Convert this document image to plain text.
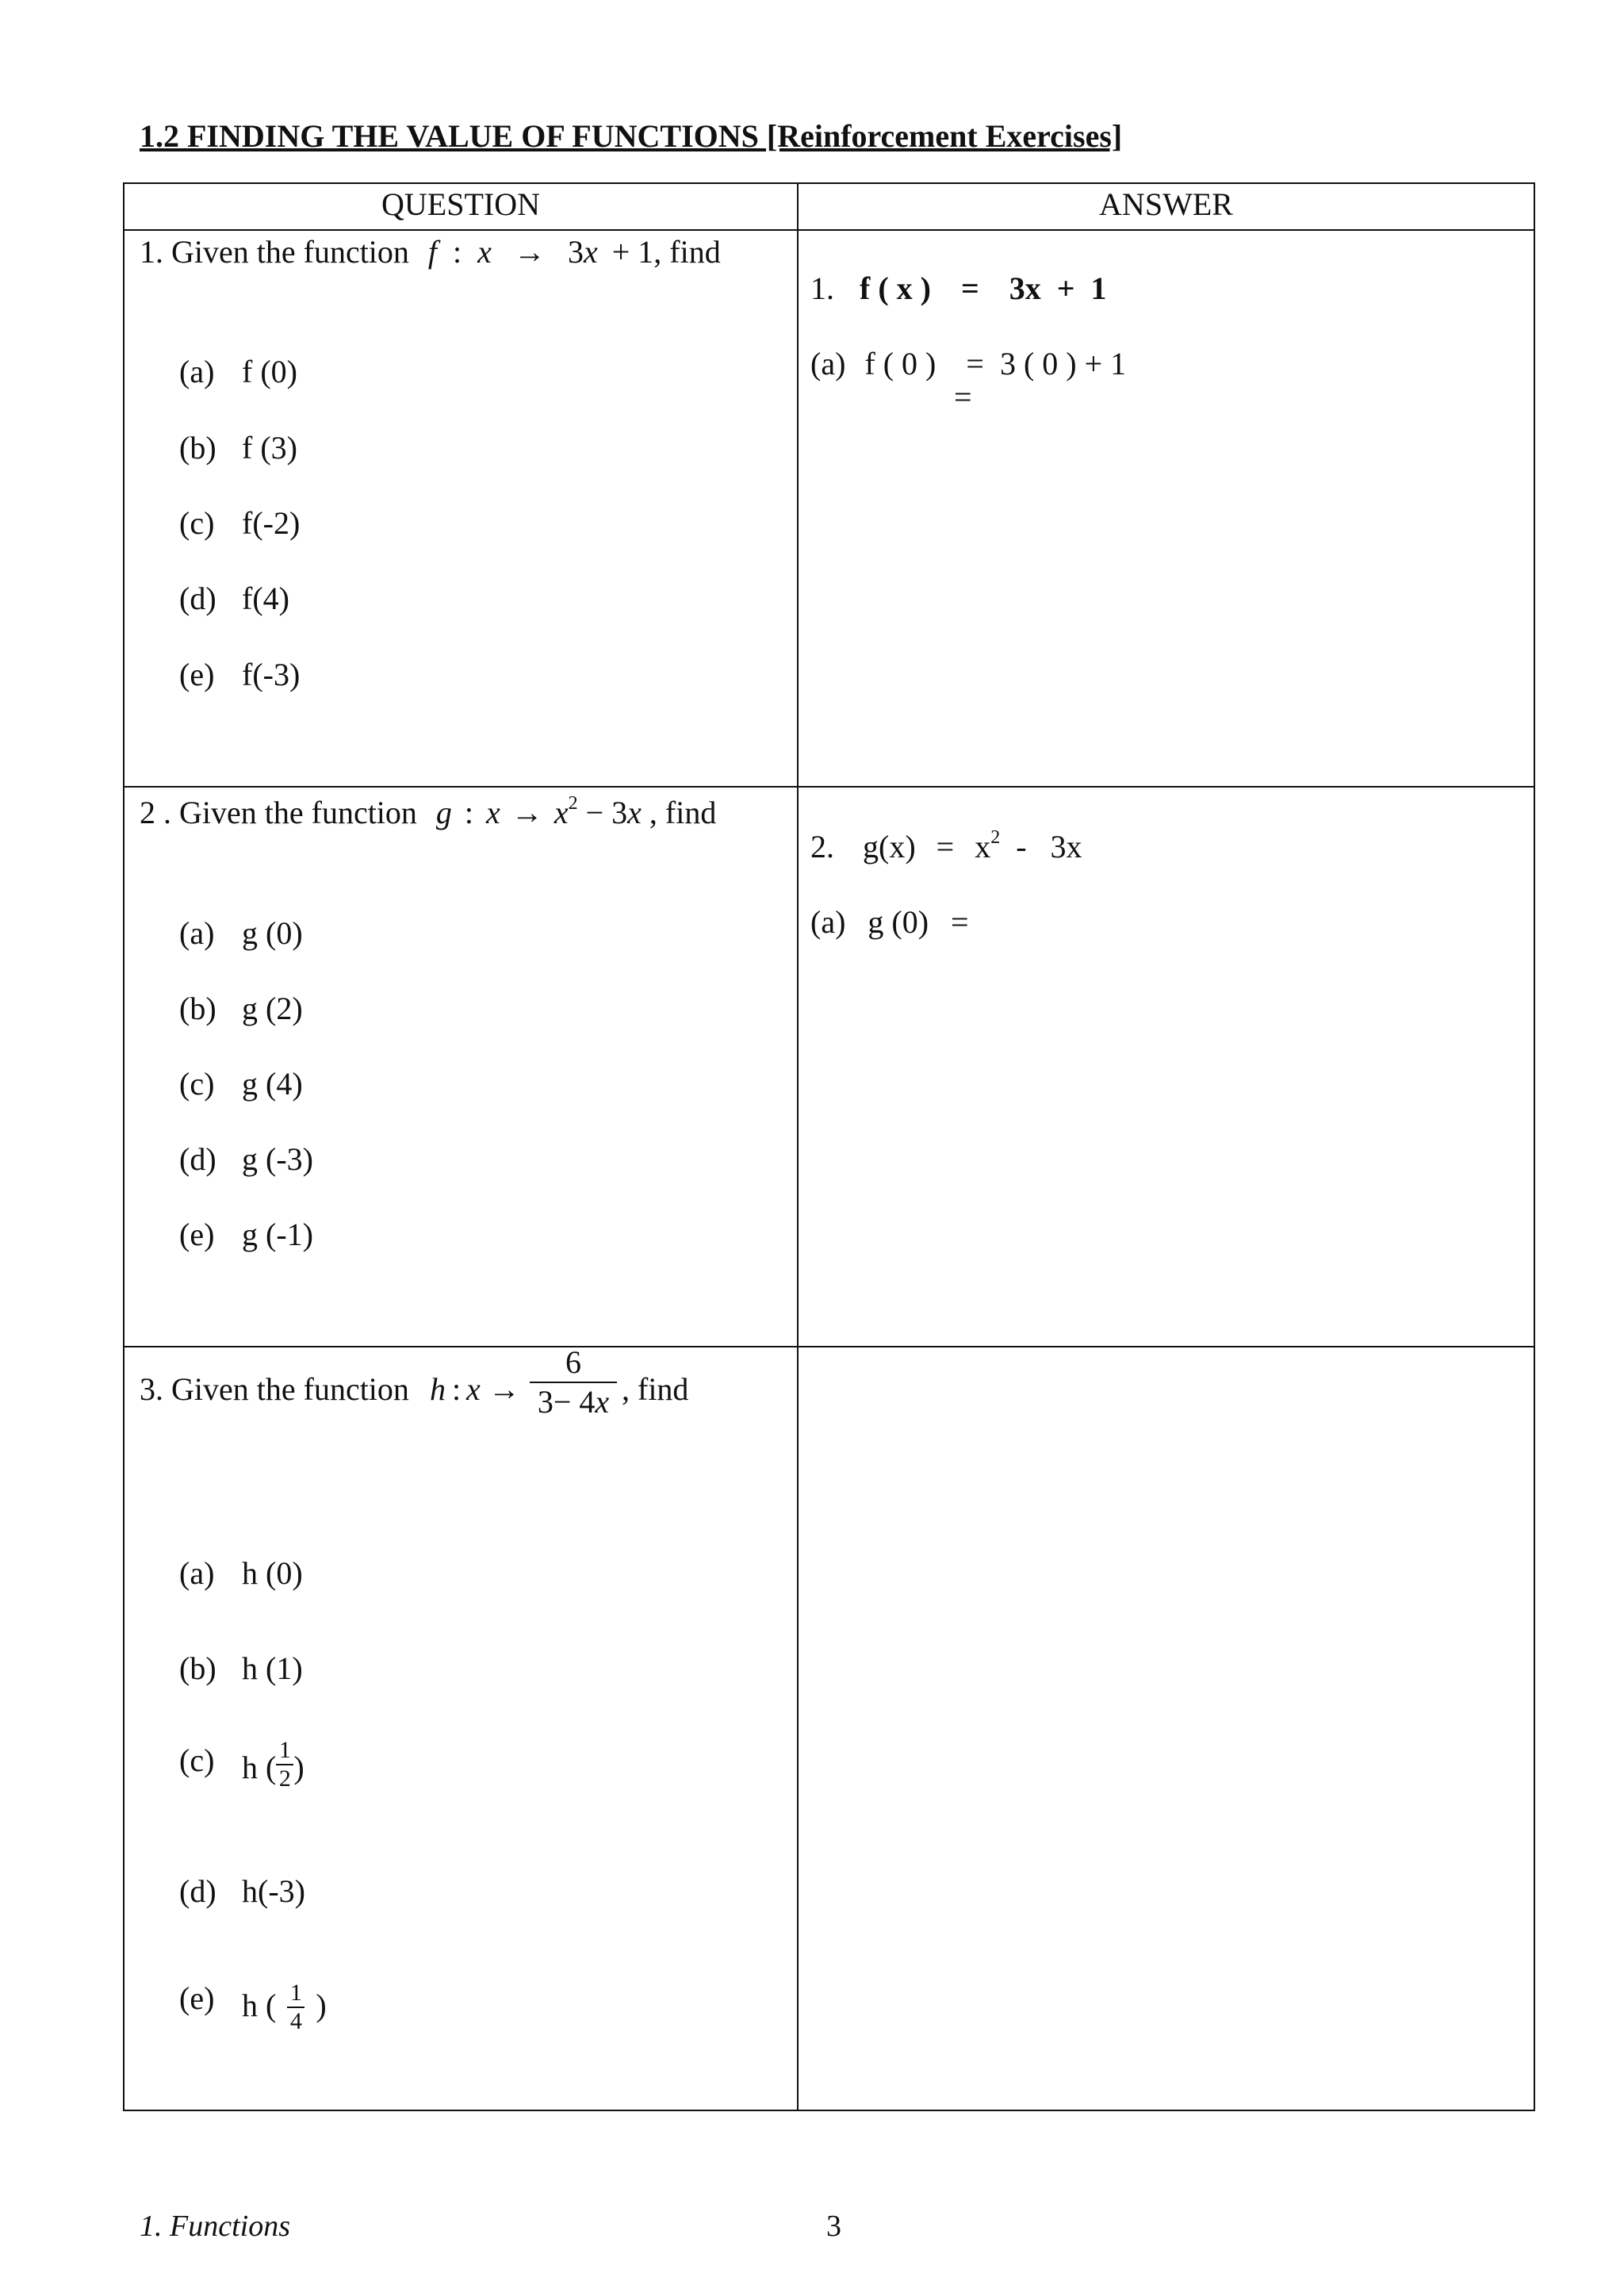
1.2 FINDING THE VALUE OF FUNCTIONS [Reinforcement Exercises]
QUESTION	ANSWER
1. Given the function f : x → 3x + 1, find
(a) f (0)
(b) f (3)
(c) f(-2)
(d) f(4)
(e) f(-3)
1. f ( x ) = 3x  +  1
(a) f ( 0 ) = 3 ( 0 ) + 1
=
2 . Given the function g : $x \to x^2 - 3x$ , find
(a) g (0)
(b) g (2)
(c) g (4)
(d) g (-3)
(e) g (-1)
2. $g(x) = x^2 - 3x$
(a) g (0) =
3. Given the function h : x →
6
3− 4x , find
(a) h (0)
(b) h (1)
(c) h ( $\frac{1}{2}$ )
(d) h(-3)
(e) h ( $\frac{1}{4}$ )
1. Functions	3
